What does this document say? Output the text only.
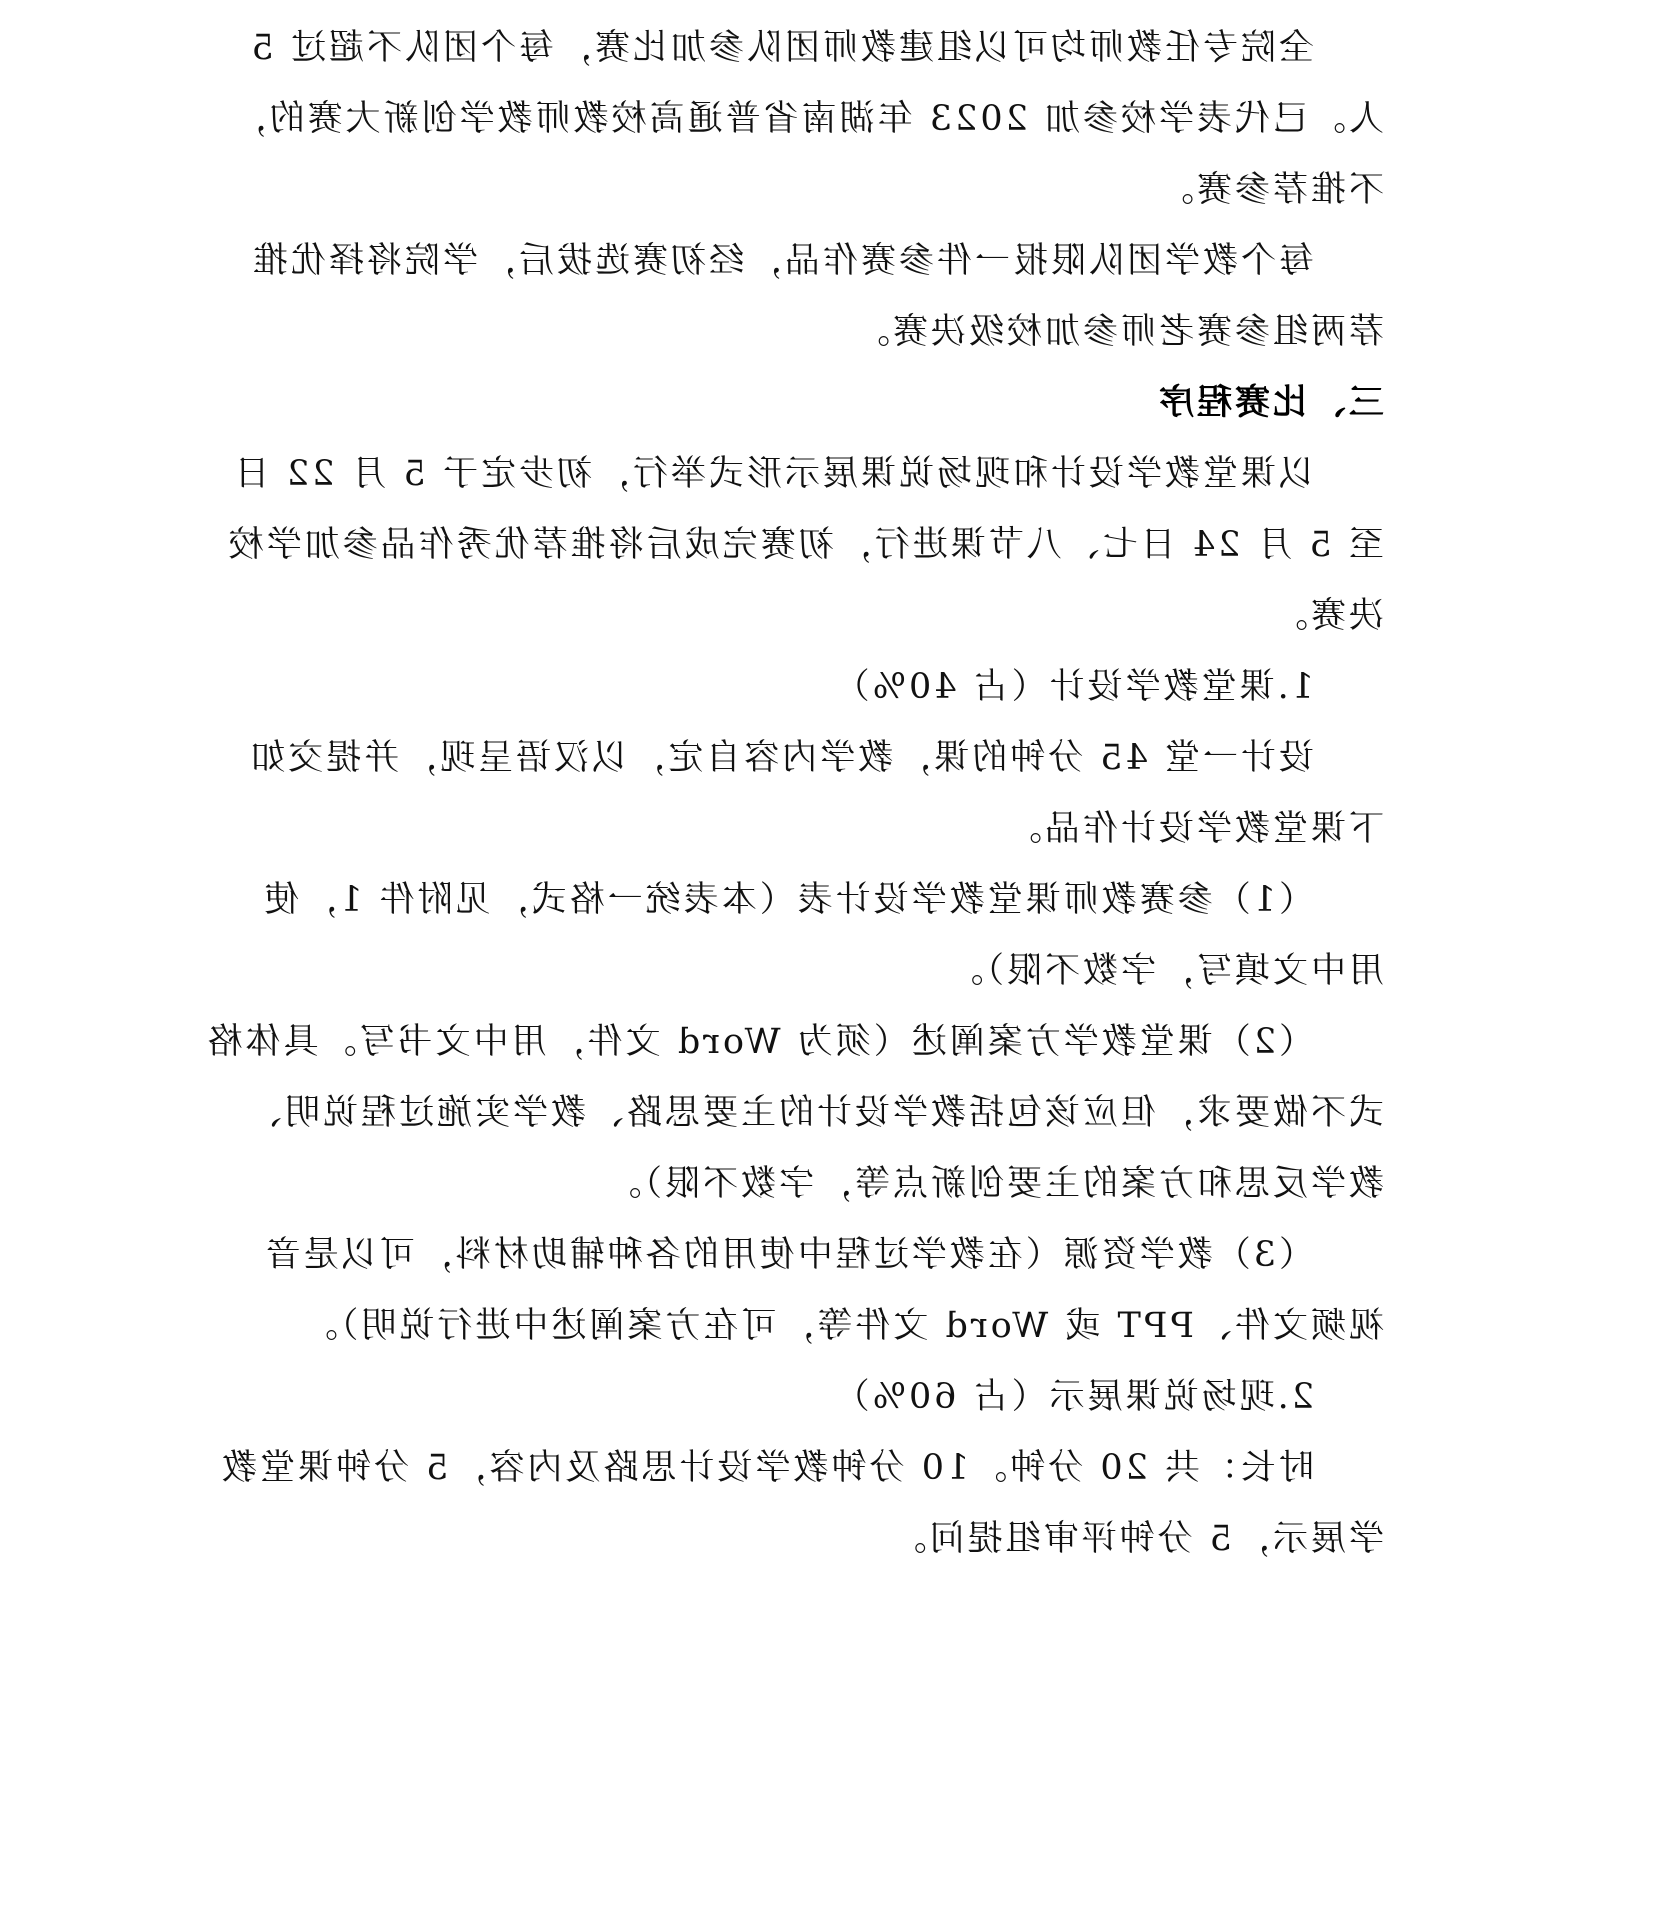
全院专任教师均可以组建教师团队参加比赛，每个团队不超过 5
人。已代表学校参加 2023 年湖南省普通高校教师教学创新大赛的，
不推荐参赛。
每个教学团队限报一件参赛作品，经初赛选拔后，学院将择优推
荐两组参赛老师参加校级决赛。
三、比赛程序
以课堂教学设计和现场说课展示形式举行，初步定于 5 月 22 日
至 5 月 24 日七、八节课进行，初赛完成后将推荐优秀作品参加学校
决赛。
1.课堂教学设计（占 40%）
设计一堂 45 分钟的课，教学内容自定，以汉语呈现，并提交如
下课堂教学设计作品。
（1）参赛教师课堂教学设计表（本表统一格式，见附件 1，使
用中文填写，字数不限）。
（2）课堂教学方案阐述（须为 Word 文件，用中文书写。具体格
式不做要求，但应该包括教学设计的主要思路、教学实施过程说明、
教学反思和方案的主要创新点等，字数不限）。
（3）教学资源（在教学过程中使用的各种辅助材料，可以是音
视频文件、PPT 或 Word 文件等，可在方案阐述中进行说明）。
2.现场说课展示（占 60%）
时长：共 20 分钟。10 分钟教学设计思路及内容，5 分钟课堂教
学展示，5 分钟评审组提问。
